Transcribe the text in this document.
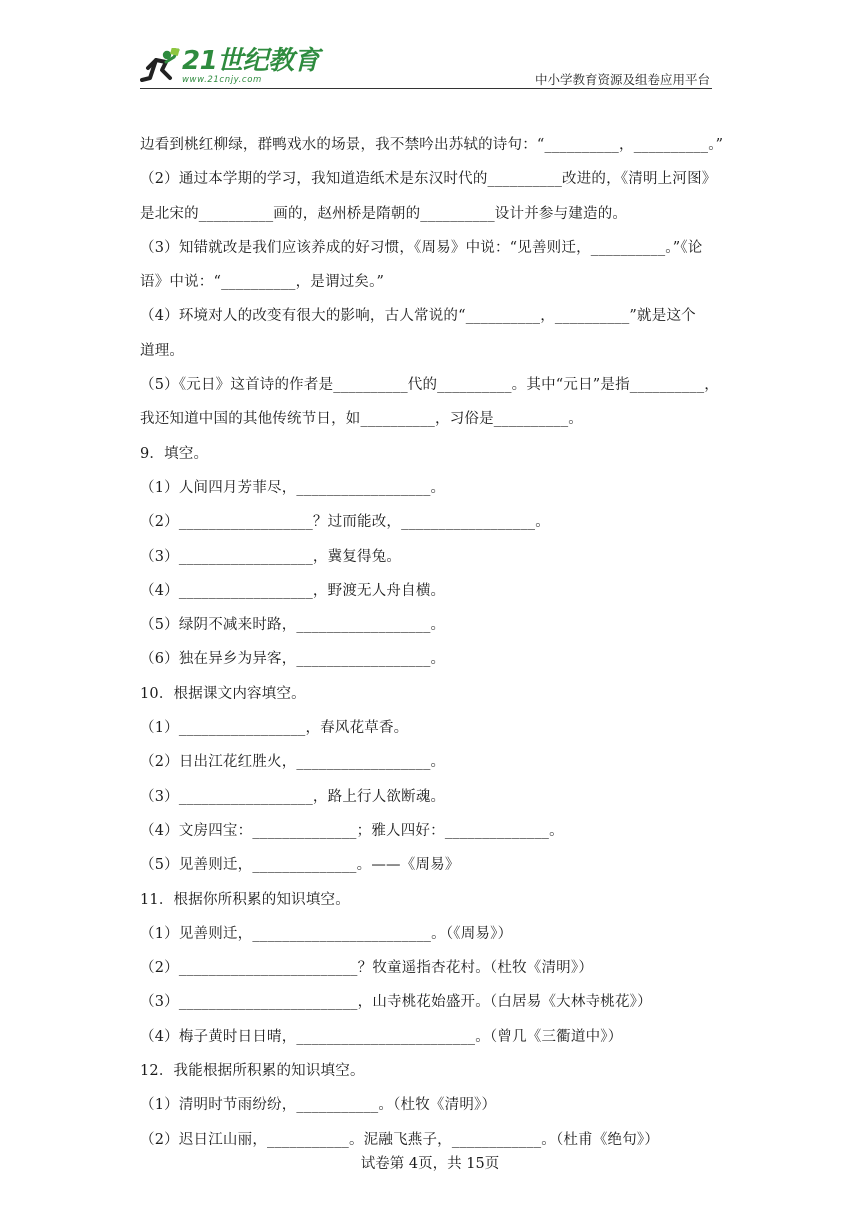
21世纪教育
www.21cnjy.com	中小学教育资源及组卷应用平台
边看到桃红柳绿，群鸭戏水的场景，我不禁吟出苏轼的诗句：“__________，__________。”
（2）通过本学期的学习，我知道造纸术是东汉时代的__________改进的，《清明上河图》
是北宋的__________画的，赵州桥是隋朝的__________设计并参与建造的。
（3）知错就改是我们应该养成的好习惯，《周易》中说：“见善则迁，__________。”《论
语》中说：“__________，是谓过矣。”
（4）环境对人的改变有很大的影响，古人常说的“__________，__________”就是这个
道理。
（5）《元日》这首诗的作者是__________代的__________。其中“元日”是指__________，
我还知道中国的其他传统节日，如__________，习俗是__________。
9．填空。
（1）人间四月芳菲尽，__________________。
（2）__________________？过而能改，__________________。
（3）__________________，冀复得兔。
（4）__________________，野渡无人舟自横。
（5）绿阴不减来时路，__________________。
（6）独在异乡为异客，__________________。
10．根据课文内容填空。
（1）_________________，春风花草香。
（2）日出江花红胜火，__________________。
（3）__________________，路上行人欲断魂。
（4）文房四宝：______________；雅人四好：______________。
（5）见善则迁，______________。——《周易》
11．根据你所积累的知识填空。
（1）见善则迁，________________________。（《周易》）
（2）________________________？牧童遥指杏花村。（杜牧《清明》）
（3）________________________，山寺桃花始盛开。（白居易《大林寺桃花》）
（4）梅子黄时日日晴，________________________。（曾几《三衢道中》）
12．我能根据所积累的知识填空。
（1）清明时节雨纷纷，___________。（杜牧《清明》）
（2）迟日江山丽，___________。泥融飞燕子，____________。（杜甫《绝句》）
试卷第 4页，共 15页
